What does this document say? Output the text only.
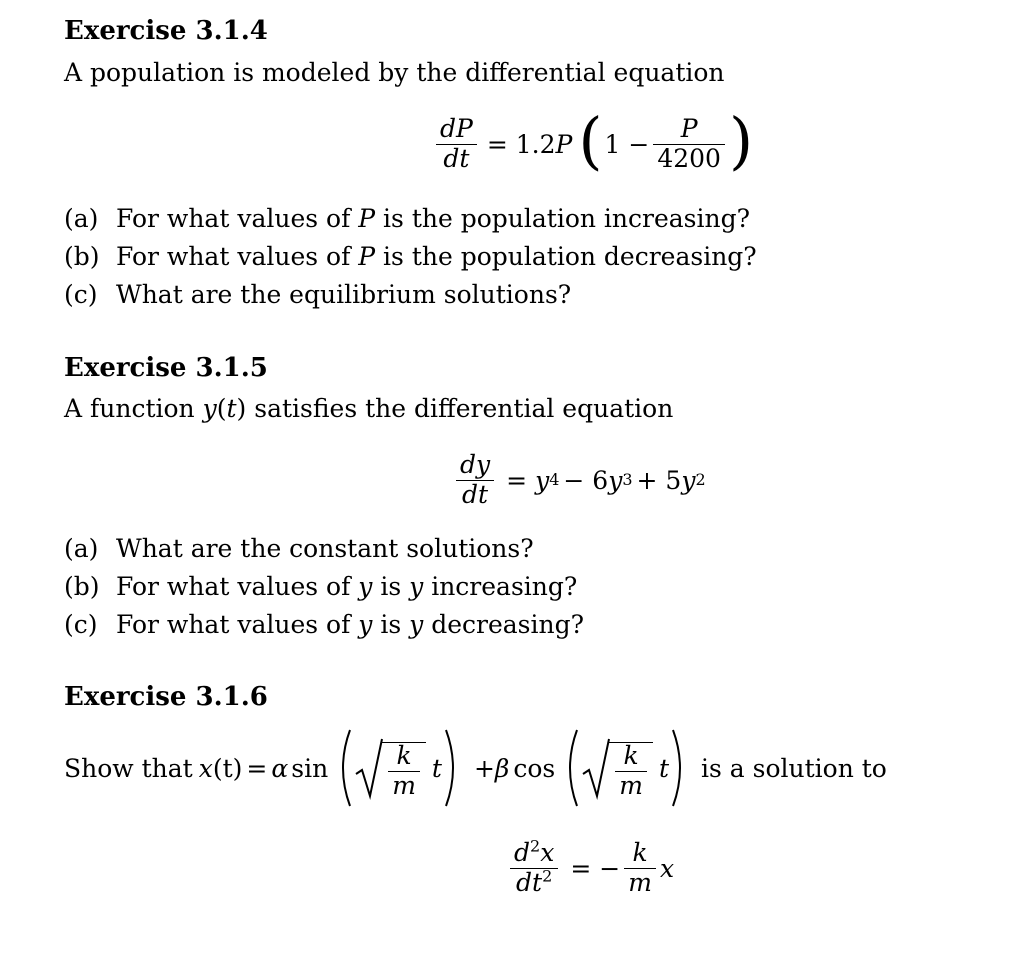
Exercise 3.1.4
A population is modeled by the differential equation
$\frac{dP}{dt} = 1.2$ P ( $1 - \frac{P}{4200}$ )
(a) For what values of P is the population increasing?
(b) For what values of P is the population decreasing?
(c) What are the equilibrium solutions?
Exercise 3.1.5
A function y(t) satisfies the differential equation
$\frac{dy}{dt} = y$ 4 − 6 y 3 + 5 y 2
(a) What are the constant solutions?
(b) For what values of y is y increasing?
(c) For what values of y is y decreasing?
Exercise 3.1.6
Show that x (t) = α $\sin \frac{k}{m}$ t + β $\cos \frac{k}{m}$ t is a solution to
$\frac{d^2x}{dt^2}$ = − $\frac{k}{m}$ x
